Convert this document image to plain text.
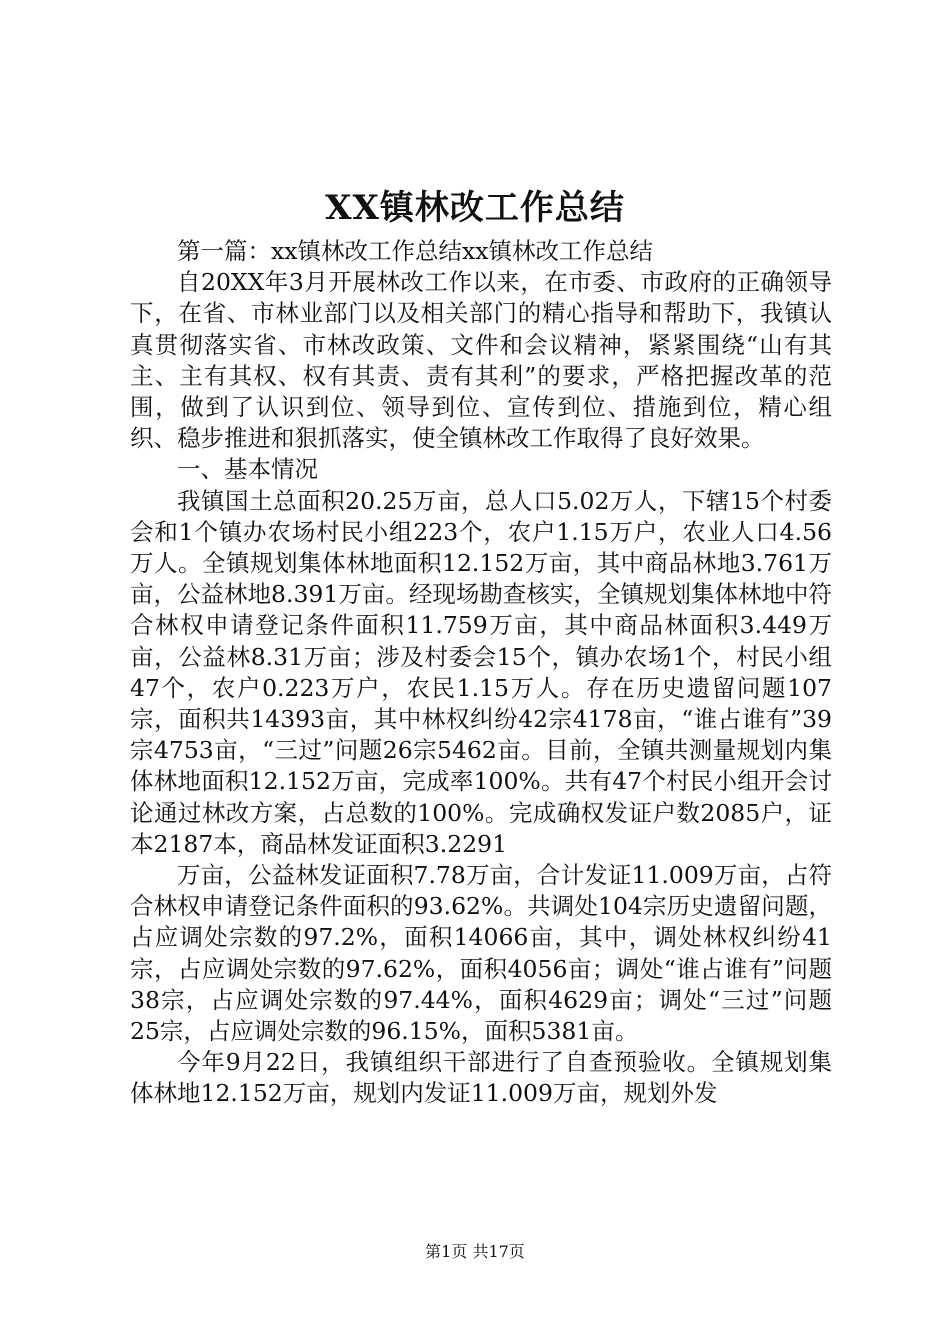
XX镇林改工作总结

第一篇：xx镇林改工作总结xx镇林改工作总结

自20XX年3月开展林改工作以来，在市委、市政府的正确领导下，在省、市林业部门以及相关部门的精心指导和帮助下，我镇认真贯彻落实省、市林改政策、文件和会议精神，紧紧围绕“山有其主、主有其权、权有其责、责有其利”的要求，严格把握改革的范围，做到了认识到位、领导到位、宣传到位、措施到位，精心组织、稳步推进和狠抓落实，使全镇林改工作取得了良好效果。

一、基本情况

我镇国土总面积20.25万亩，总人口5.02万人，下辖15个村委会和1个镇办农场村民小组223个，农户1.15万户，农业人口4.56万人。全镇规划集体林地面积12.152万亩，其中商品林地3.761万亩，公益林地8.391万亩。经现场勘查核实，全镇规划集体林地中符合林权申请登记条件面积11.759万亩，其中商品林面积3.449万亩，公益林8.31万亩；涉及村委会15个，镇办农场1个，村民小组47个，农户0.223万户，农民1.15万人。存在历史遗留问题107宗，面积共14393亩，其中林权纠纷42宗4178亩，“谁占谁有”39宗4753亩，“三过”问题26宗5462亩。目前，全镇共测量规划内集体林地面积12.152万亩，完成率100%。共有47个村民小组开会讨论通过林改方案，占总数的100%。完成确权发证户数2085户，证本2187本，商品林发证面积3.2291

万亩，公益林发证面积7.78万亩，合计发证11.009万亩，占符合林权申请登记条件面积的93.62%。共调处104宗历史遗留问题，占应调处宗数的97.2%，面积14066亩，其中，调处林权纠纷41宗，占应调处宗数的97.62%，面积4056亩；调处“谁占谁有”问题38宗，占应调处宗数的97.44%，面积4629亩；调处“三过”问题25宗，占应调处宗数的96.15%，面积5381亩。

今年9月22日，我镇组织干部进行了自查预验收。全镇规划集体林地12.152万亩，规划内发证11.009万亩，规划外发

第1页 共17页
